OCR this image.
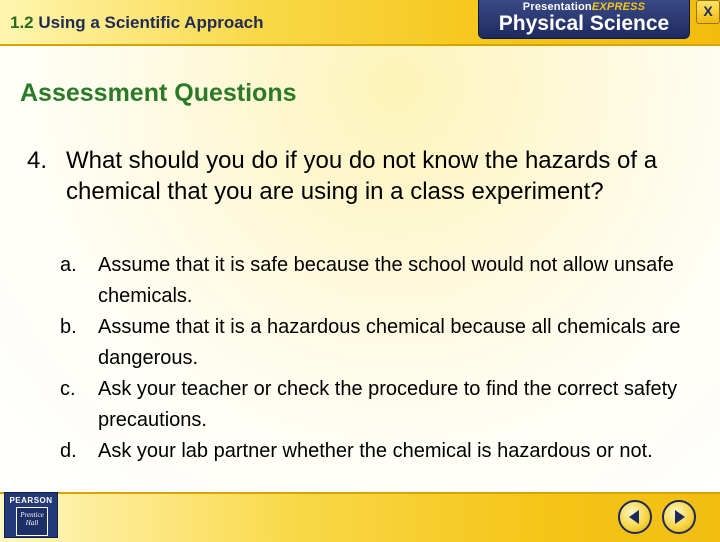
1.2 Using a Scientific Approach
PresentationEXPRESS
Physical Science
X
Assessment Questions
4. What should you do if you do not know the hazards of a chemical that you are using in a class experiment?
a. Assume that it is safe because the school would not allow unsafe chemicals.
b. Assume that it is a hazardous chemical because all chemicals are dangerous.
c. Ask your teacher or check the procedure to find the correct safety precautions.
d. Ask your lab partner whether the chemical is hazardous or not.
PEARSON
Prentice Hall
